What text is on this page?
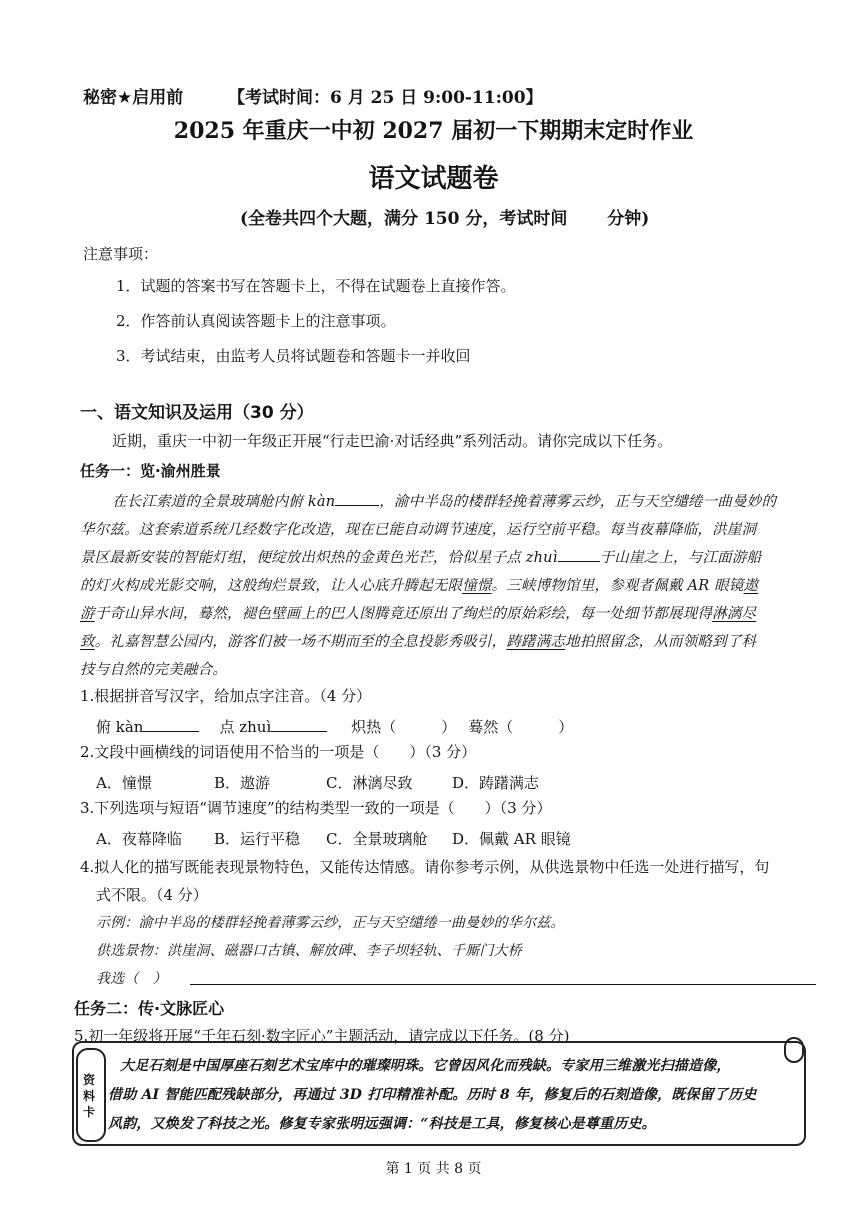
秘密★启用前	【考试时间：6 月 25 日 9:00-11:00】
2025 年重庆一中初 2027 届初一下期期末定时作业
语文试题卷
(全卷共四个大题，满分 150 分，考试时间　　 分钟)
注意事项：
1．试题的答案书写在答题卡上，不得在试题卷上直接作答。
2．作答前认真阅读答题卡上的注意事项。
3．考试结束，由监考人员将试题卷和答题卡一并收回
一、语文知识及运用（30 分）
近期，重庆一中初一年级正开展“行走巴渝·对话经典”系列活动。请你完成以下任务。
任务一：览·渝州胜景
在长江索道的全景玻璃舱内俯 kàn	，渝中半岛的楼群轻挽着薄雾云纱，正与天空缱绻一曲曼妙的
华尔兹。这套索道系统几经数字化改造，现在已能自动调节速度，运行空前平稳。每当夜幕降临，洪崖洞
景区最新安装的智能灯组，便绽放出炽热的金黄色光芒，恰似星子点 zhuì	于山崖之上，与江面游船
的灯火构成光影交响，这般绚烂景致，让人心底升腾起无限憧憬。三峡博物馆里，参观者佩戴 AR 眼镜遨
游于奇山异水间，蓦然，褪色壁画上的巴人图腾竟还原出了绚烂的原始彩绘，每一处细节都展现得淋漓尽
致。礼嘉智慧公园内，游客们被一场不期而至的全息投影秀吸引，踌躇满志地拍照留念，从而领略到了科
技与自然的完美融合。
1.根据拼音写汉字，给加点字注音。（4 分）
俯 kàn	点 zhuì	炽热（　　　） 蓦然（　　　）
2.文段中画横线的词语使用不恰当的一项是（　　）（3 分）
A．憧憬	B．遨游	C．淋漓尽致	D．踌躇满志
3.下列选项与短语“调节速度”的结构类型一致的一项是（　　）（3 分）
A．夜幕降临 B．运行平稳 C．全景玻璃舱 D．佩戴 AR 眼镜
4.拟人化的描写既能表现景物特色，又能传达情感。请你参考示例，从供选景物中任选一处进行描写，句
式不限。（4 分）
示例：渝中半岛的楼群轻挽着薄雾云纱，正与天空缱绻一曲曼妙的华尔兹。
供选景物：洪崖洞、磁器口古镇、解放碑、李子坝轻轨、千厮门大桥
我选（　）
任务二：传·文脉匠心
5.初一年级将开展“千年石刻·数字匠心”主题活动，请完成以下任务。(8 分)
资料卡
大足石刻是中国厚座石刻艺术宝库中的璀璨明珠。它曾因风化而残缺。专家用三维激光扫描造像，
借助 AI 智能匹配残缺部分，再通过 3D 打印精准补配。历时 8 年，修复后的石刻造像，既保留了历史
风韵，又焕发了科技之光。修复专家张明远强调：“科技是工具，修复核心是尊重历史。
第 1 页 共 8 页
